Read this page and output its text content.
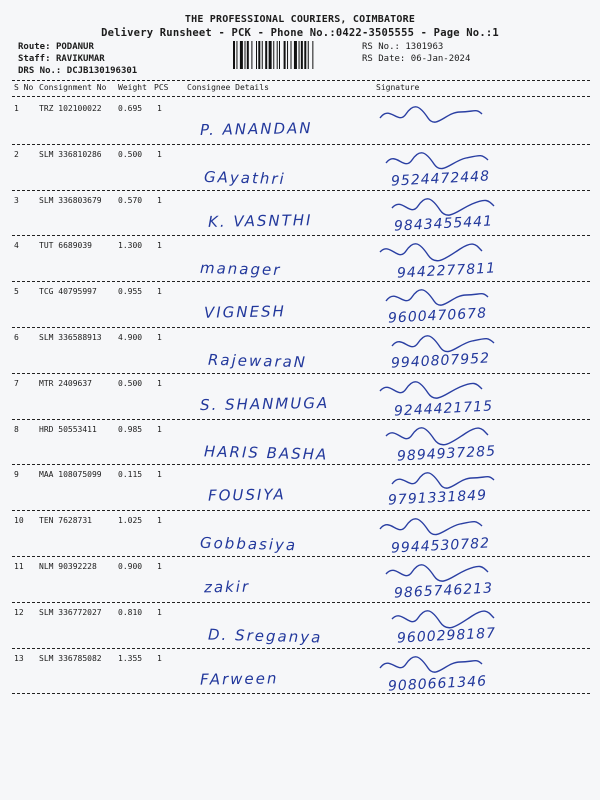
THE PROFESSIONAL COURIERS, COIMBATORE
Delivery Runsheet - PCK - Phone No.:0422-3505555 - Page No.:1
Route: PODANUR
Staff: RAVIKUMAR
DRS No.: DCJB130196301
RS No.: 1301963
RS Date: 06-Jan-2024
S No Consignment No Weight PCS Consignee Details	Signature
1	TRZ 102100022 0.695 1
P. ANANDAN
2	SLM 336810286 0.500 1
GAyathri	9524472448
3	SLM 336803679 0.570 1
K. VASNTHI	9843455441
4	TUT 6689039	1.300 1
manager	9442277811
5	TCG 40795997	0.955 1
VIGNESH	9600470678
6	SLM 336588913 4.900 1
RajewaraN	9940807952
7	MTR 2409637	0.500 1
S. SHANMUGA	9244421715
8	HRD 50553411	0.985 1
HARIS BASHA	9894937285
9	MAA 108075099 0.115 1
FOUSIYA	9791331849
10 TEN 7628731	1.025 1
Gobbasiya	9944530782
11 NLM 90392228	0.900 1
zakir	9865746213
12 SLM 336772027 0.810 1
D. Sreganya	9600298187
13 SLM 336785082 1.355 1
FArween	9080661346
